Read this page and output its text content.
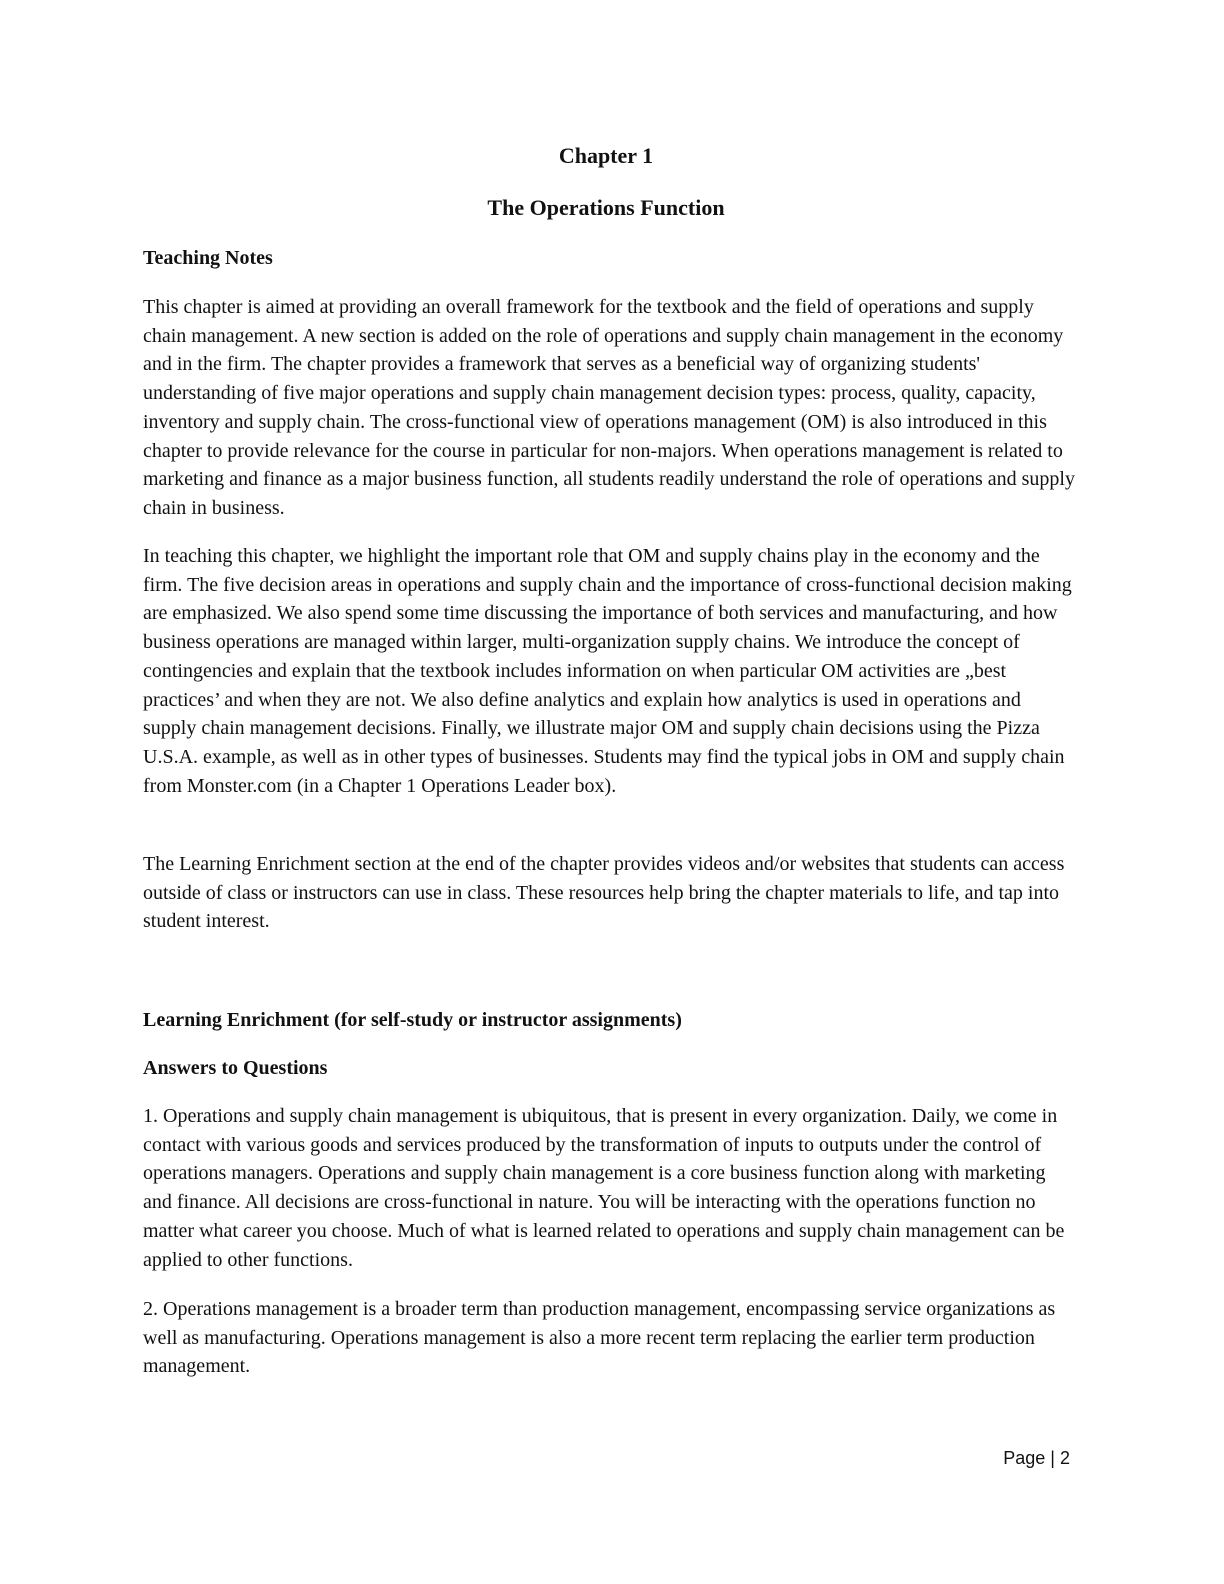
Chapter 1
The Operations Function
Teaching Notes

This chapter is aimed at providing an overall framework for the textbook and the field of operations and supply chain management. A new section is added on the role of operations and supply chain management in the economy and in the firm. The chapter provides a framework that serves as a beneficial way of organizing students' understanding of five major operations and supply chain management decision types: process, quality, capacity, inventory and supply chain. The cross-functional view of operations management (OM) is also introduced in this chapter to provide relevance for the course in particular for non-majors. When operations management is related to marketing and finance as a major business function, all students readily understand the role of operations and supply chain in business.

In teaching this chapter, we highlight the important role that OM and supply chains play in the economy and the firm. The five decision areas in operations and supply chain and the importance of cross-functional decision making are emphasized. We also spend some time discussing the importance of both services and manufacturing, and how business operations are managed within larger, multi-organization supply chains. We introduce the concept of contingencies and explain that the textbook includes information on when particular OM activities are „best practices’ and when they are not. We also define analytics and explain how analytics is used in operations and supply chain management decisions. Finally, we illustrate major OM and supply chain decisions using the Pizza U.S.A. example, as well as in other types of businesses. Students may find the typical jobs in OM and supply chain from Monster.com (in a Chapter 1 Operations Leader box).

The Learning Enrichment section at the end of the chapter provides videos and/or websites that students can access outside of class or instructors can use in class. These resources help bring the chapter materials to life, and tap into student interest.

Learning Enrichment (for self-study or instructor assignments)
Answers to Questions

1. Operations and supply chain management is ubiquitous, that is present in every organization. Daily, we come in contact with various goods and services produced by the transformation of inputs to outputs under the control of operations managers. Operations and supply chain management is a core business function along with marketing and finance. All decisions are cross-functional in nature. You will be interacting with the operations function no matter what career you choose. Much of what is learned related to operations and supply chain management can be applied to other functions.

2. Operations management is a broader term than production management, encompassing service organizations as well as manufacturing. Operations management is also a more recent term replacing the earlier term production management.

Page | 2
